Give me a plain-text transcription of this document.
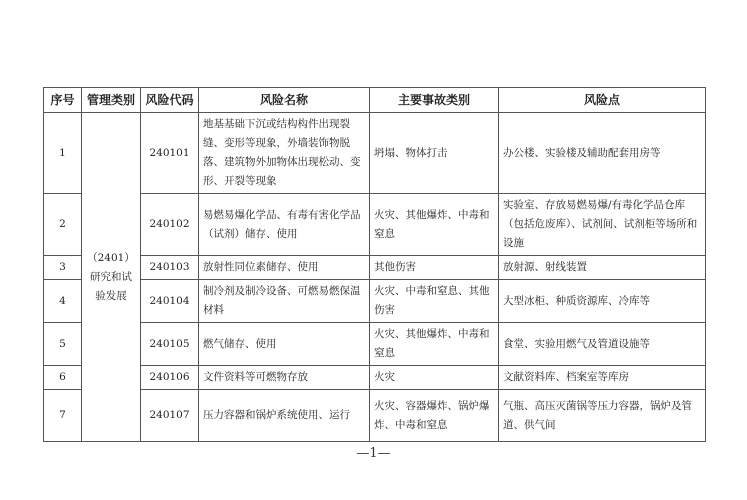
序号	管理类别	风险代码	风险名称	主要事故类别	风险点
1	（2401）研究和试验发展	240101	地基基础下沉或结构构件出现裂缝、变形等现象，外墙装饰物脱落、建筑物外加物体出现松动、变形、开裂等现象	坍塌、物体打击	办公楼、实验楼及辅助配套用房等
2		240102	易燃易爆化学品、有毒有害化学品（试剂）储存、使用	火灾、其他爆炸、中毒和窒息	实验室、存放易燃易爆/有毒化学品仓库（包括危废库）、试剂间、试剂柜等场所和设施
3		240103	放射性同位素储存、使用	其他伤害	放射源、射线装置
4		240104	制冷剂及制冷设备、可燃易燃保温材料	火灾、中毒和窒息、其他伤害	大型冰柜、种质资源库、冷库等
5		240105	燃气储存、使用	火灾、其他爆炸、中毒和窒息	食堂、实验用燃气及管道设施等
6		240106	文件资料等可燃物存放	火灾	文献资料库、档案室等库房
7		240107	压力容器和锅炉系统使用、运行	火灾、容器爆炸、锅炉爆炸、中毒和窒息	气瓶、高压灭菌锅等压力容器，锅炉及管道、供气间
—1—
